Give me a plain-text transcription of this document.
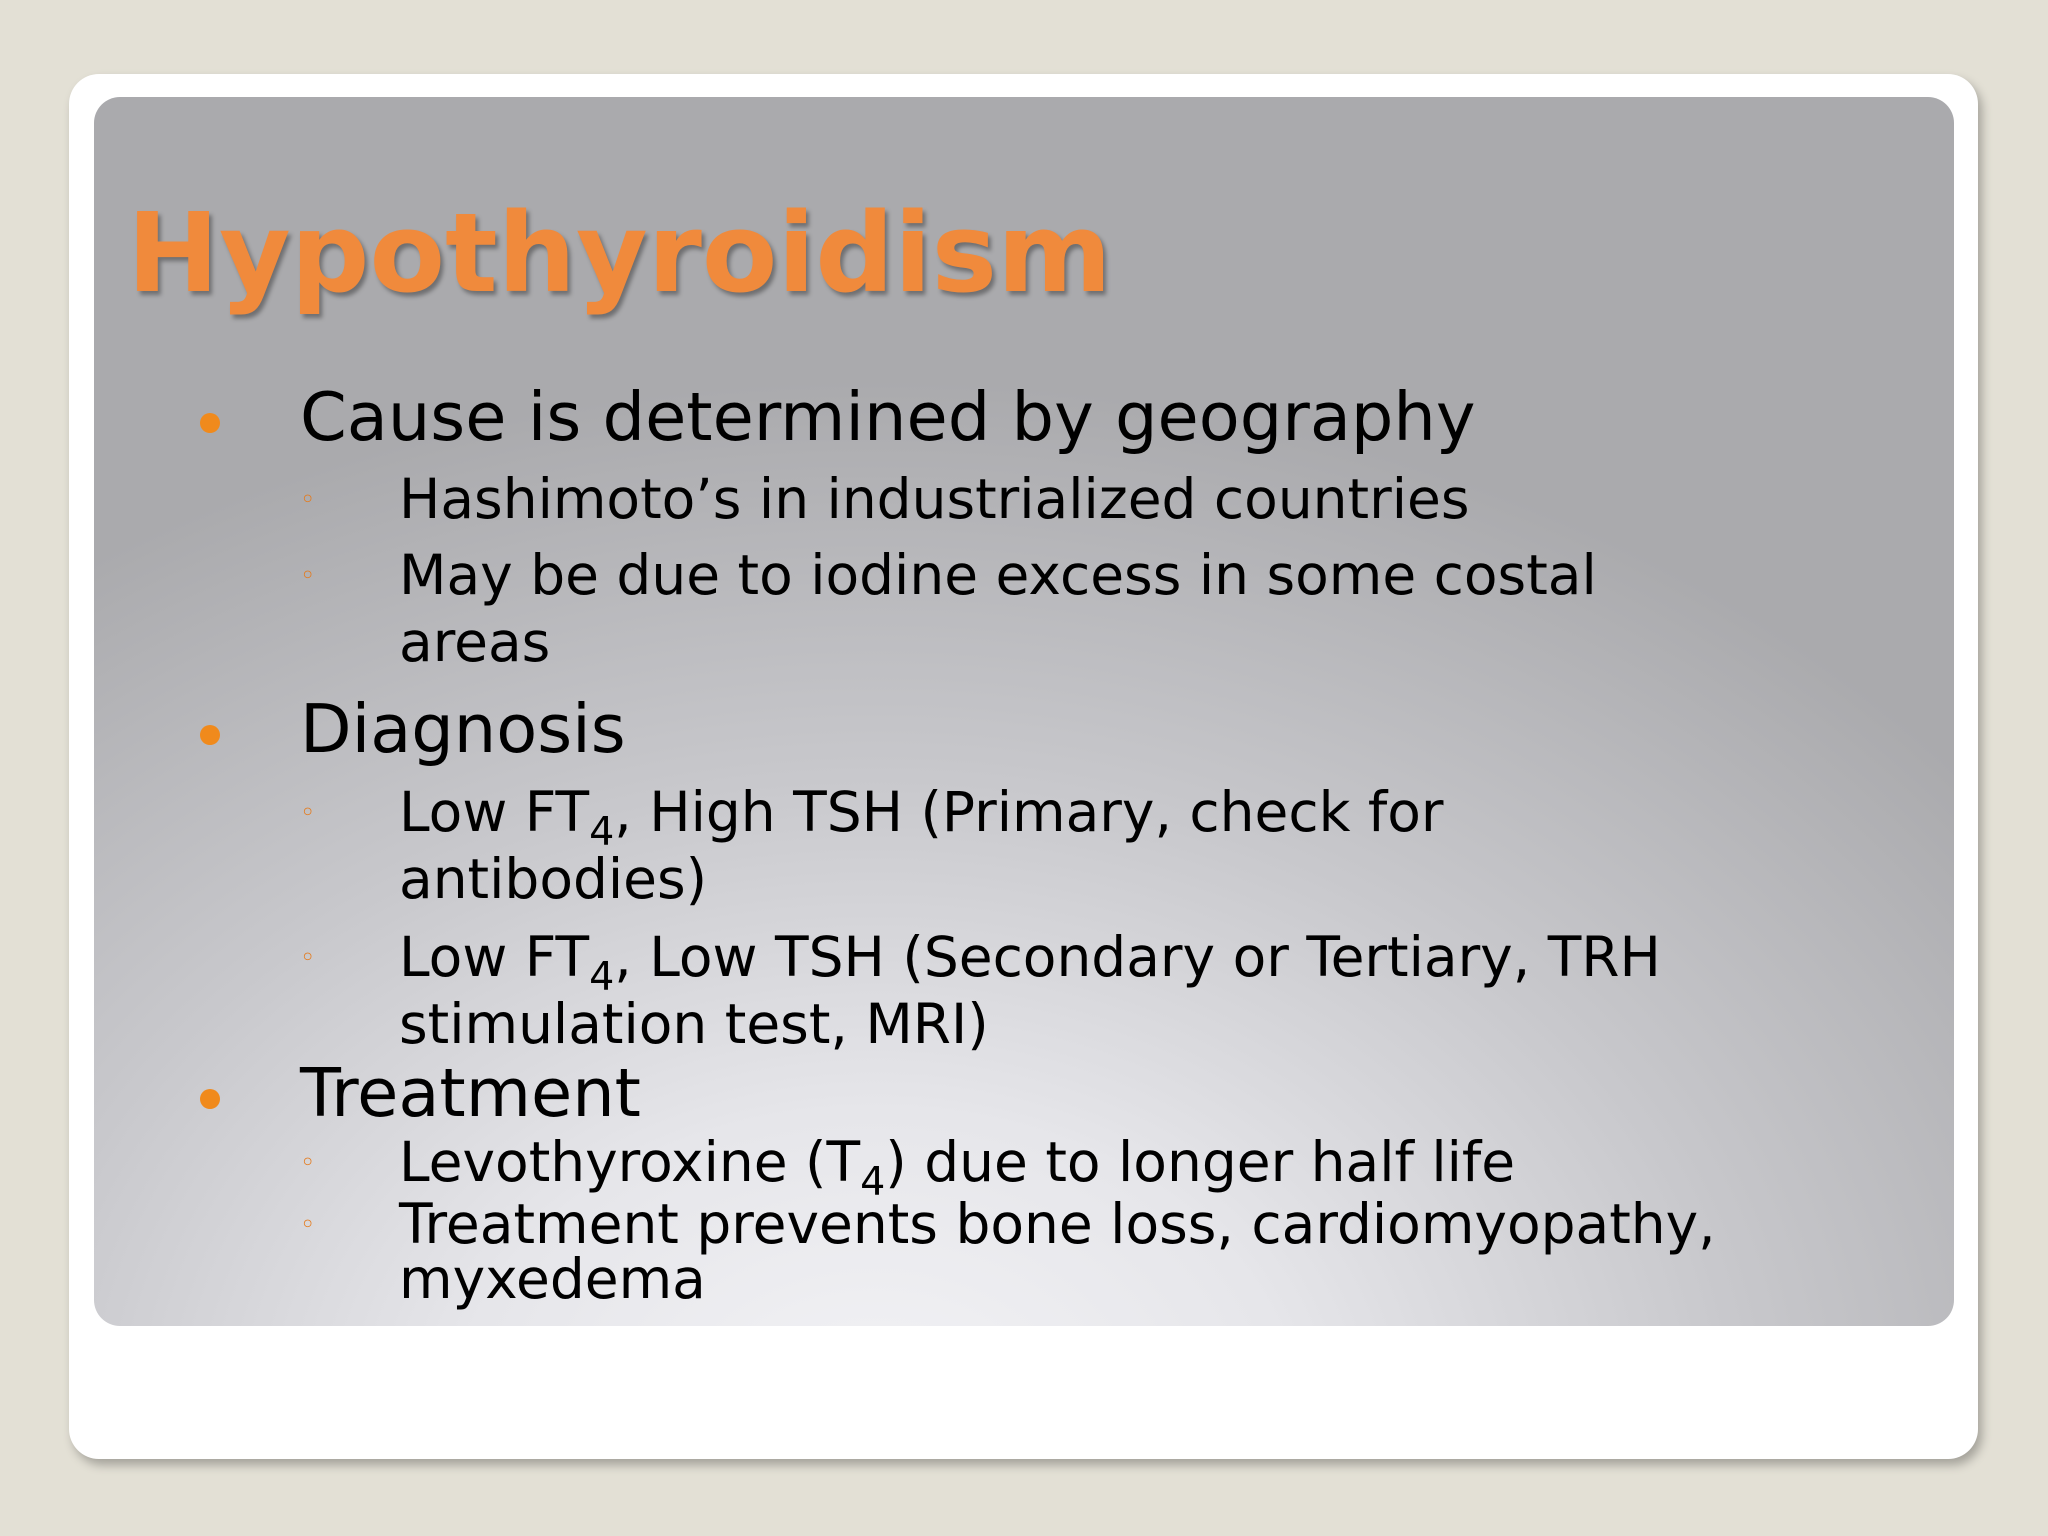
Hypothyroidism

Cause is determined by geography

◦ Hashimoto’s in industrialized countries

◦ May be due to iodine excess in some costal

areas

Diagnosis

◦ Low $FT_4$, High TSH (Primary, check for

antibodies)

◦ Low $FT_4$, Low TSH (Secondary or Tertiary, TRH

stimulation test, MRI)

Treatment

◦ Levothyroxine $(T_4)$ due to longer half life

◦ Treatment prevents bone loss, cardiomyopathy,

myxedema
